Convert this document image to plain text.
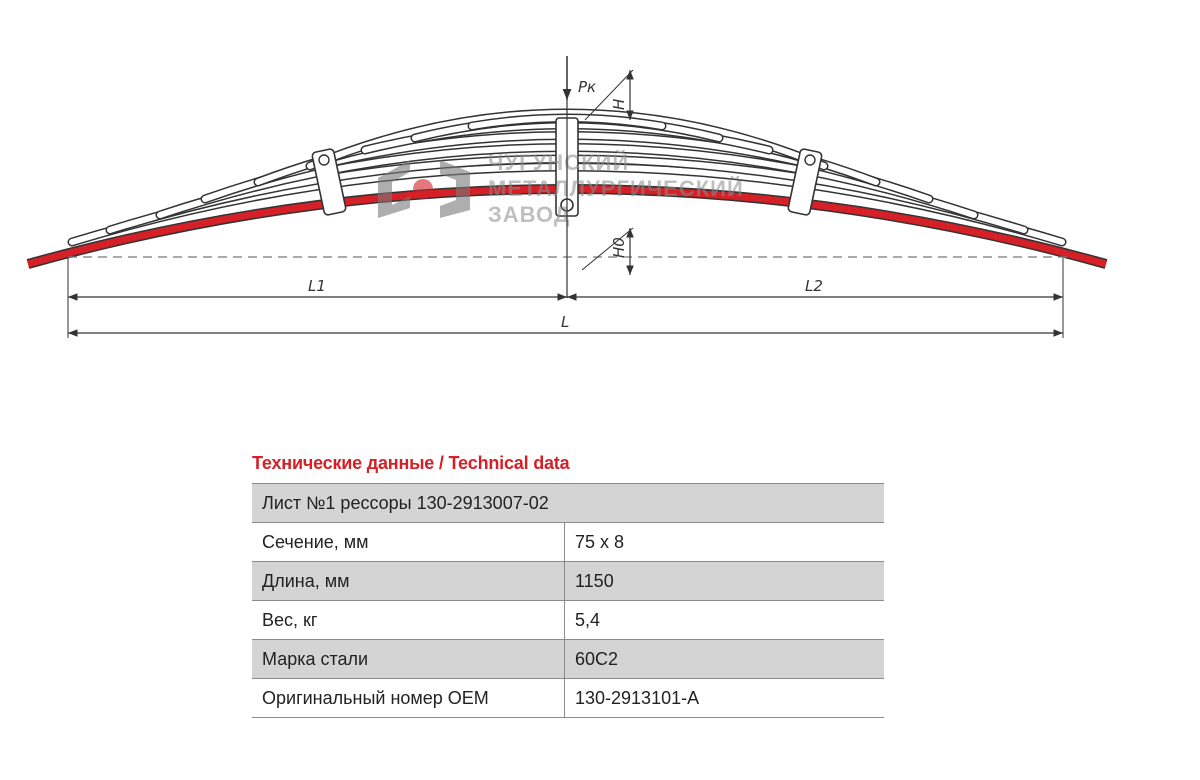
ЧУГУНСКИЙ
МЕТАЛЛУРГИЧЕСКИЙ
ЗАВОД
Pк
H
H0
L1	L2
L
Технические данные / Technical data
Лист №1 рессоры 130-2913007-02	
Сечение, мм	75 x 8
Длина, мм	1150
Вес, кг	5,4
Марка стали	60С2
Оригинальный номер OEM	130-2913101-А
